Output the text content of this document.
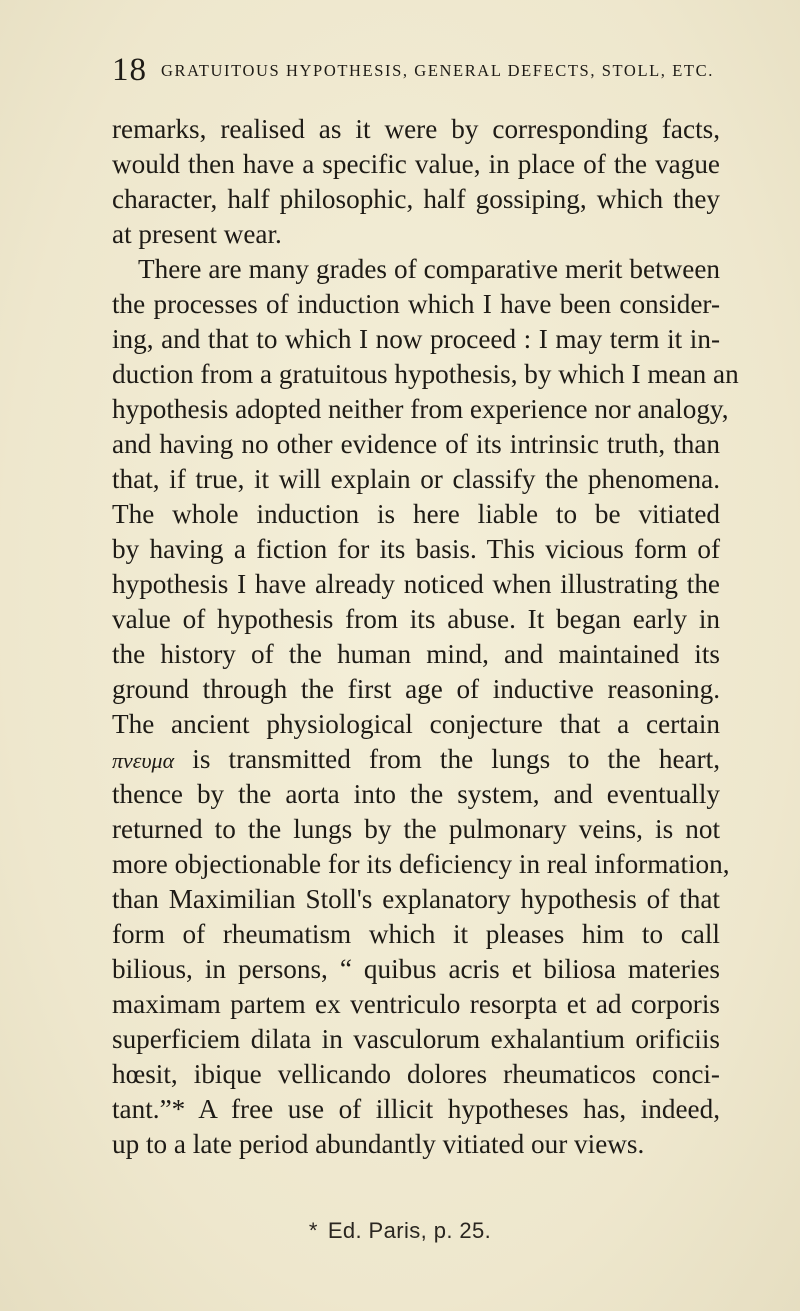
18 GRATUITOUS HYPOTHESIS, GENERAL DEFECTS, STOLL, ETC.
remarks, realised as it were by corresponding facts,
would then have a specific value, in place of the vague
character, half philosophic, half gossiping, which they
at present wear.
There are many grades of comparative merit between
the processes of induction which I have been consider-
ing, and that to which I now proceed : I may term it in-
duction from a gratuitous hypothesis, by which I mean an
hypothesis adopted neither from experience nor analogy,
and having no other evidence of its intrinsic truth, than
that, if true, it will explain or classify the phenomena.
The whole induction is here liable to be vitiated
by having a fiction for its basis. This vicious form of
hypothesis I have already noticed when illustrating the
value of hypothesis from its abuse. It began early in
the history of the human mind, and maintained its
ground through the first age of inductive reasoning.
The ancient physiological conjecture that a certain
πνευμα is transmitted from the lungs to the heart,
thence by the aorta into the system, and eventually
returned to the lungs by the pulmonary veins, is not
more objectionable for its deficiency in real information,
than Maximilian Stoll's explanatory hypothesis of that
form of rheumatism which it pleases him to call
bilious, in persons, “ quibus acris et biliosa materies
maximam partem ex ventriculo resorpta et ad corporis
superficiem dilata in vasculorum exhalantium orificiis
hœsit, ibique vellicando dolores rheumaticos conci-
tant.”* A free use of illicit hypotheses has, indeed,
up to a late period abundantly vitiated our views.
* Ed. Paris, p. 25.
